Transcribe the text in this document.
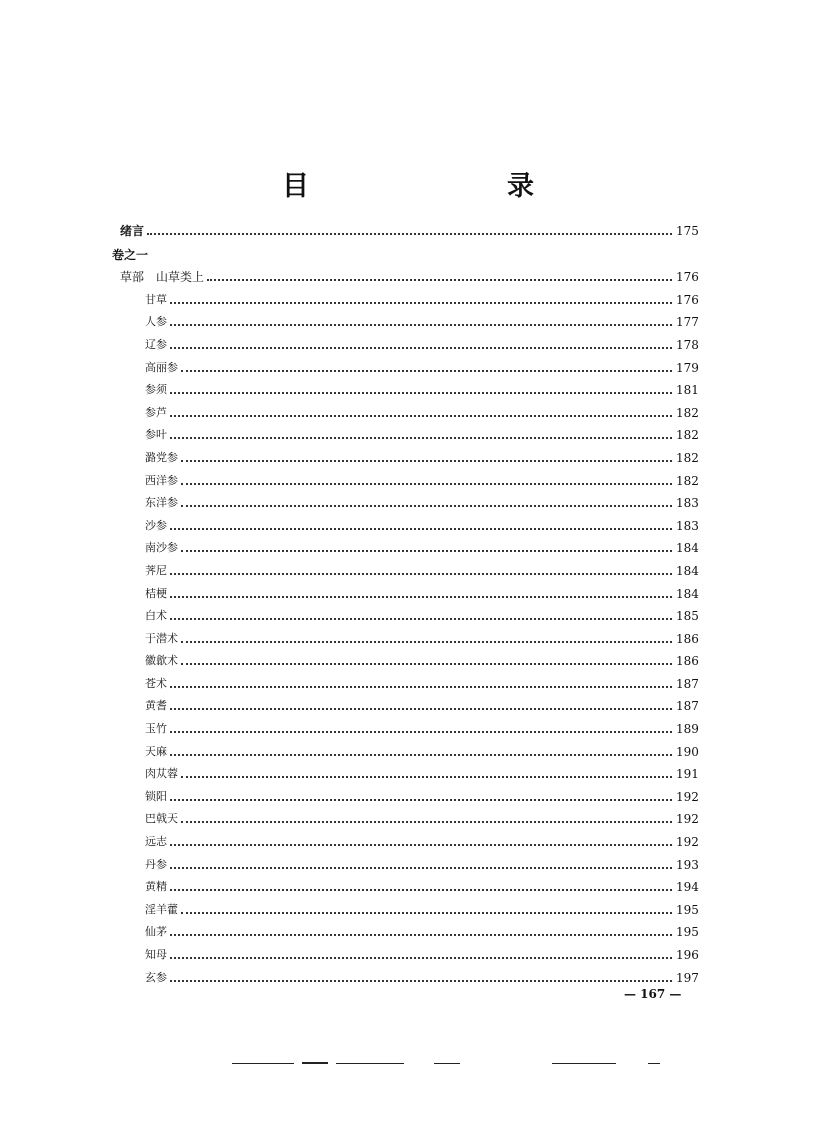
目　　录
绪言	175
卷之一
草部　山草类上	176
甘草	176
人参	177
辽参	178
高丽参	179
参须	181
参芦	182
参叶	182
潞党参	182
西洋参	182
东洋参	183
沙参	183
南沙参	184
荠尼	184
桔梗	184
白术	185
于潜术	186
徽歙术	186
苍术	187
黄耆	187
玉竹	189
天麻	190
肉苁蓉	191
锁阳	192
巴戟天	192
远志	192
丹参	193
黄精	194
淫羊藿	195
仙茅	195
知母	196
玄参	197
— 167 —
